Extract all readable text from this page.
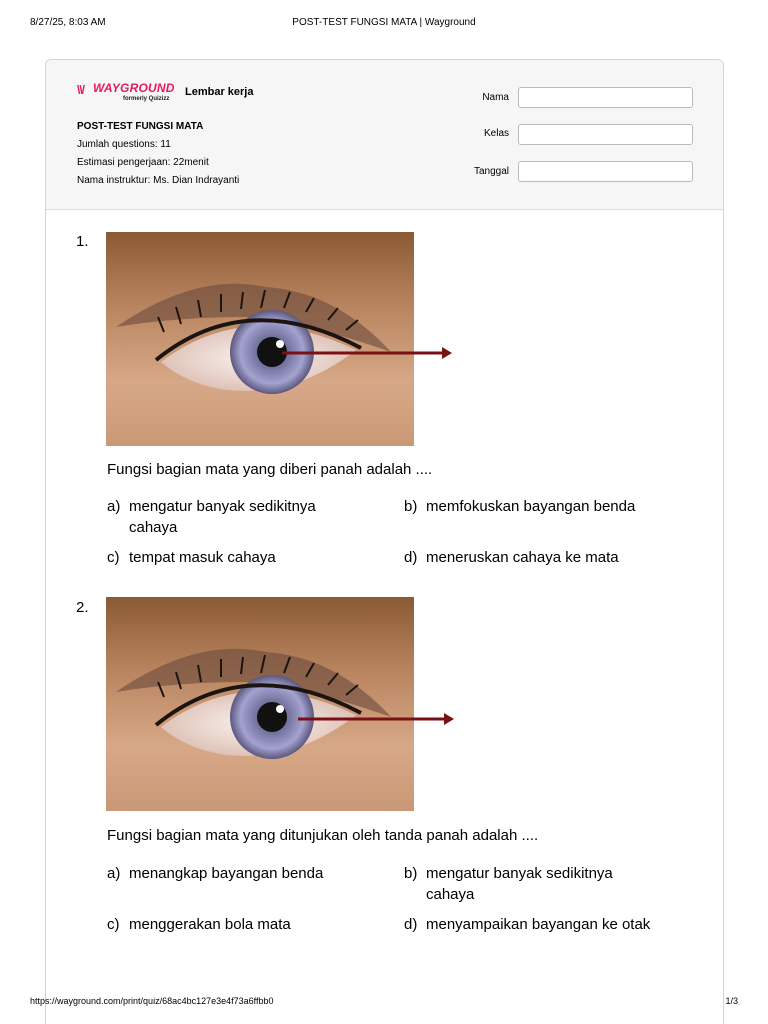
8/27/25, 8:03 AM	POST-TEST FUNGSI MATA | Wayground
\\/ WAYGROUND
formerly Quizizz
Lembar kerja
POST-TEST FUNGSI MATA
Jumlah questions: 11
Estimasi pengerjaan: 22menit
Nama instruktur: Ms. Dian Indrayanti
Nama
Kelas
Tanggal
1.
Fungsi bagian mata yang diberi panah adalah ....
a) mengatur banyak sedikitnya cahaya
b) memfokuskan bayangan benda
c) tempat masuk cahaya	d) meneruskan cahaya ke mata
2.
Fungsi bagian mata yang ditunjukan oleh tanda panah adalah ....
a) menangkap bayangan benda	b) mengatur banyak sedikitnya cahaya
c) menggerakan bola mata	d) menyampaikan bayangan ke otak
https://wayground.com/print/quiz/68ac4bc127e3e4f73a6ffbb0	1/3
